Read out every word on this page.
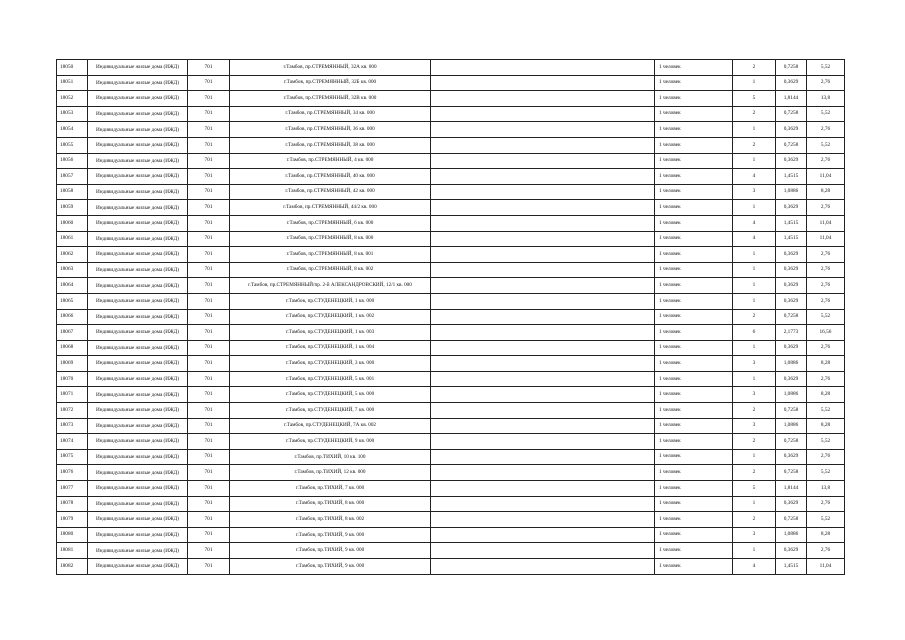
18050	Индивидуальные жилые дома (ИЖД)	701	г.Тамбов, пр.СТРЕМЯННЫЙ, 32А кв. 000		1 человек	2	0,7258	5,52
18051	Индивидуальные жилые дома (ИЖД)	701	г.Тамбов, пр.СТРЕМЯННЫЙ, 32Б кв. 000		1 человек	1	0,3629	2,76
18052	Индивидуальные жилые дома (ИЖД)	701	г.Тамбов, пр.СТРЕМЯННЫЙ, 32В кв. 000		1 человек	5	1,8144	13,8
18053	Индивидуальные жилые дома (ИЖД)	701	г.Тамбов, пр.СТРЕМЯННЫЙ, 34 кв. 000		1 человек	2	0,7258	5,52
18054	Индивидуальные жилые дома (ИЖД)	701	г.Тамбов, пр.СТРЕМЯННЫЙ, 36 кв. 000		1 человек	1	0,3629	2,76
18055	Индивидуальные жилые дома (ИЖД)	701	г.Тамбов, пр.СТРЕМЯННЫЙ, 38 кв. 000		1 человек	2	0,7258	5,52
18056	Индивидуальные жилые дома (ИЖД)	701	г.Тамбов, пр.СТРЕМЯННЫЙ, 4 кв. 000		1 человек	1	0,3629	2,76
18057	Индивидуальные жилые дома (ИЖД)	701	г.Тамбов, пр.СТРЕМЯННЫЙ, 40 кв. 000		1 человек	4	1,4515	11,04
18058	Индивидуальные жилые дома (ИЖД)	701	г.Тамбов, пр.СТРЕМЯННЫЙ, 42 кв. 000		1 человек	3	1,0886	8,28
18059	Индивидуальные жилые дома (ИЖД)	701	г.Тамбов, пр.СТРЕМЯННЫЙ, 44/2 кв. 000		1 человек	1	0,3629	2,76
18060	Индивидуальные жилые дома (ИЖД)	701	г.Тамбов, пр.СТРЕМЯННЫЙ, 6 кв. 000		1 человек	4	1,4515	11,04
18061	Индивидуальные жилые дома (ИЖД)	701	г.Тамбов, пр.СТРЕМЯННЫЙ, 8 кв. 000		1 человек	4	1,4515	11,04
18062	Индивидуальные жилые дома (ИЖД)	701	г.Тамбов, пр.СТРЕМЯННЫЙ, 8 кв. 001		1 человек	1	0,3629	2,76
18063	Индивидуальные жилые дома (ИЖД)	701	г.Тамбов, пр.СТРЕМЯННЫЙ, 8 кв. 002		1 человек	1	0,3629	2,76
18064	Индивидуальные жилые дома (ИЖД)	701	г.Тамбов, пр.СТРЕМЯННЫЙ/пр. 2-й АЛЕКСАНДРОВСКИЙ, 12/1 кв. 000		1 человек	1	0,3629	2,76
18065	Индивидуальные жилые дома (ИЖД)	701	г.Тамбов, пр.СТУДЕНЕЦКИЙ, 1 кв. 000		1 человек	1	0,3629	2,76
18066	Индивидуальные жилые дома (ИЖД)	701	г.Тамбов, пр.СТУДЕНЕЦКИЙ, 1 кв. 002		1 человек	2	0,7258	5,52
18067	Индивидуальные жилые дома (ИЖД)	701	г.Тамбов, пр.СТУДЕНЕЦКИЙ, 1 кв. 003		1 человек	6	2,1773	16,56
18068	Индивидуальные жилые дома (ИЖД)	701	г.Тамбов, пр.СТУДЕНЕЦКИЙ, 1 кв. 004		1 человек	1	0,3629	2,76
18069	Индивидуальные жилые дома (ИЖД)	701	г.Тамбов, пр.СТУДЕНЕЦКИЙ, 3 кв. 000		1 человек	3	1,0886	8,28
18070	Индивидуальные жилые дома (ИЖД)	701	г.Тамбов, пр.СТУДЕНЕЦКИЙ, 5 кв. 001		1 человек	1	0,3629	2,76
18071	Индивидуальные жилые дома (ИЖД)	701	г.Тамбов, пр.СТУДЕНЕЦКИЙ, 5 кв. 000		1 человек	3	1,0886	8,28
18072	Индивидуальные жилые дома (ИЖД)	701	г.Тамбов, пр.СТУДЕНЕЦКИЙ, 7 кв. 000		1 человек	2	0,7258	5,52
18073	Индивидуальные жилые дома (ИЖД)	701	г.Тамбов, пр.СТУДЕНЕЦКИЙ, 7А кв. 002		1 человек	3	1,0886	8,28
18074	Индивидуальные жилые дома (ИЖД)	701	г.Тамбов, пр.СТУДЕНЕЦКИЙ, 9 кв. 000		1 человек	2	0,7258	5,52
18075	Индивидуальные жилые дома (ИЖД)	701	г.Тамбов, пр.ТИХИЙ, 10 кв. 100		1 человек	1	0,3629	2,76
18076	Индивидуальные жилые дома (ИЖД)	701	г.Тамбов, пр.ТИХИЙ, 12 кв. 000		1 человек	2	0,7258	5,52
18077	Индивидуальные жилые дома (ИЖД)	701	г.Тамбов, пр.ТИХИЙ, 7 кв. 000		1 человек	5	1,8144	13,8
18078	Индивидуальные жилые дома (ИЖД)	701	г.Тамбов, пр.ТИХИЙ, 8 кв. 000		1 человек	1	0,3629	2,76
18079	Индивидуальные жилые дома (ИЖД)	701	г.Тамбов, пр.ТИХИЙ, 8 кв. 002		1 человек	2	0,7258	5,52
18080	Индивидуальные жилые дома (ИЖД)	701	г.Тамбов, пр.ТИХИЙ, 9 кв. 000		1 человек	3	1,0886	8,28
18081	Индивидуальные жилые дома (ИЖД)	701	г.Тамбов, пр.ТИХИЙ, 9 кв. 000		1 человек	1	0,3629	2,76
18082	Индивидуальные жилые дома (ИЖД)	701	г.Тамбов, пр.ТИХИЙ, 9 кв. 000		1 человек	4	1,4515	11,04
